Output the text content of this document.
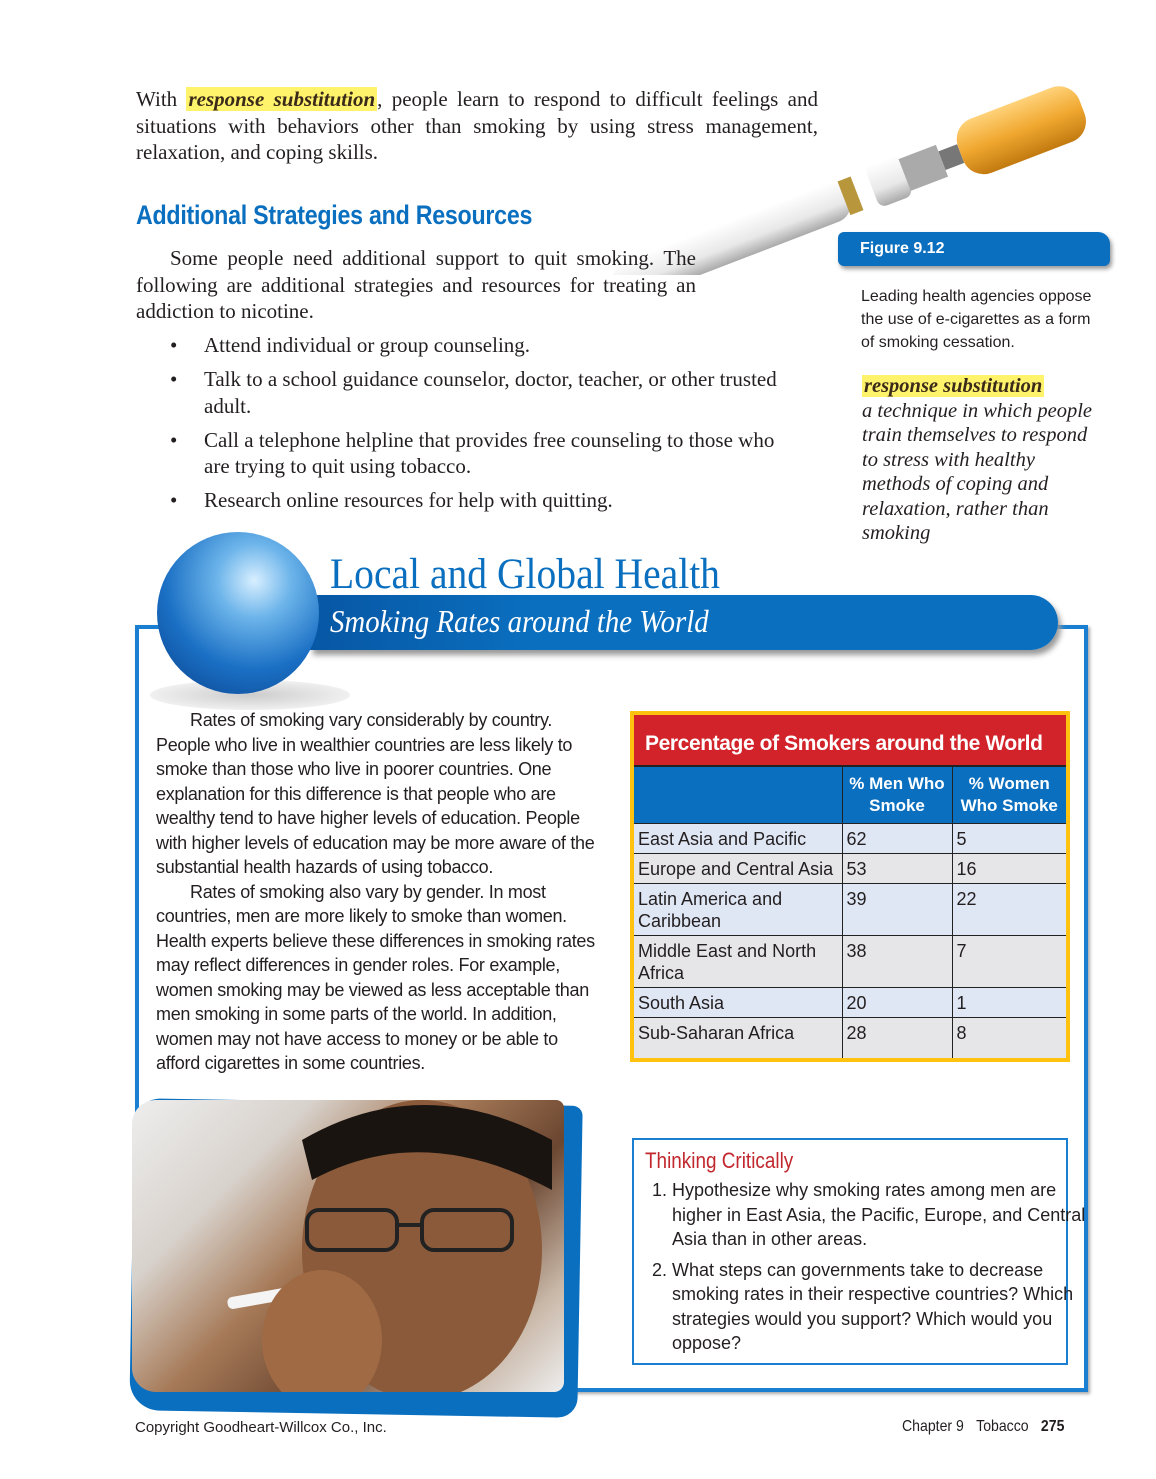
With response substitution, people learn to respond to difficult feelings and situations with behaviors other than smoking by using stress management, relaxation, and coping skills.
Additional Strategies and Resources
Some people need additional support to quit smoking. The following are additional strategies and resources for treating an addiction to nicotine.
• Attend individual or group counseling.
• Talk to a school guidance counselor, doctor, teacher, or other trusted adult.
• Call a telephone helpline that provides free counseling to those who are trying to quit using tobacco.
• Research online resources for help with quitting.
Figure 9.12
Leading health agencies oppose the use of e-cigarettes as a form of smoking cessation.
response substitution
a technique in which people train themselves to respond to stress with healthy methods of coping and relaxation, rather than smoking
Local and Global Health
Smoking Rates around the World

Rates of smoking vary considerably by country. People who live in wealthier countries are less likely to smoke than those who live in poorer countries. One explanation for this difference is that people who are wealthy tend to have higher levels of education. People with higher levels of education may be more aware of the substantial health hazards of using tobacco.

Rates of smoking also vary by gender. In most countries, men are more likely to smoke than women. Health experts believe these differences in smoking rates may reflect differences in gender roles. For example, women smoking may be viewed as less acceptable than men smoking in some parts of the world. In addition, women may not have access to money or be able to afford cigarettes in some countries.

Percentage of Smokers around the World
	% Men Who Smoke	% Women Who Smoke
East Asia and Pacific	62	5
Europe and Central Asia	53	16
Latin America and Caribbean	39	22
Middle East and North Africa	38	7
South Asia	20	1
Sub-Saharan Africa	28	8
Thinking Critically
1. Hypothesize why smoking rates among men are higher in East Asia, the Pacific, Europe, and Central Asia than in other areas.
2. What steps can governments take to decrease smoking rates in their respective countries? Which strategies would you support? Which would you oppose?
Copyright Goodheart-Willcox Co., Inc.	Chapter 9 Tobacco 275
